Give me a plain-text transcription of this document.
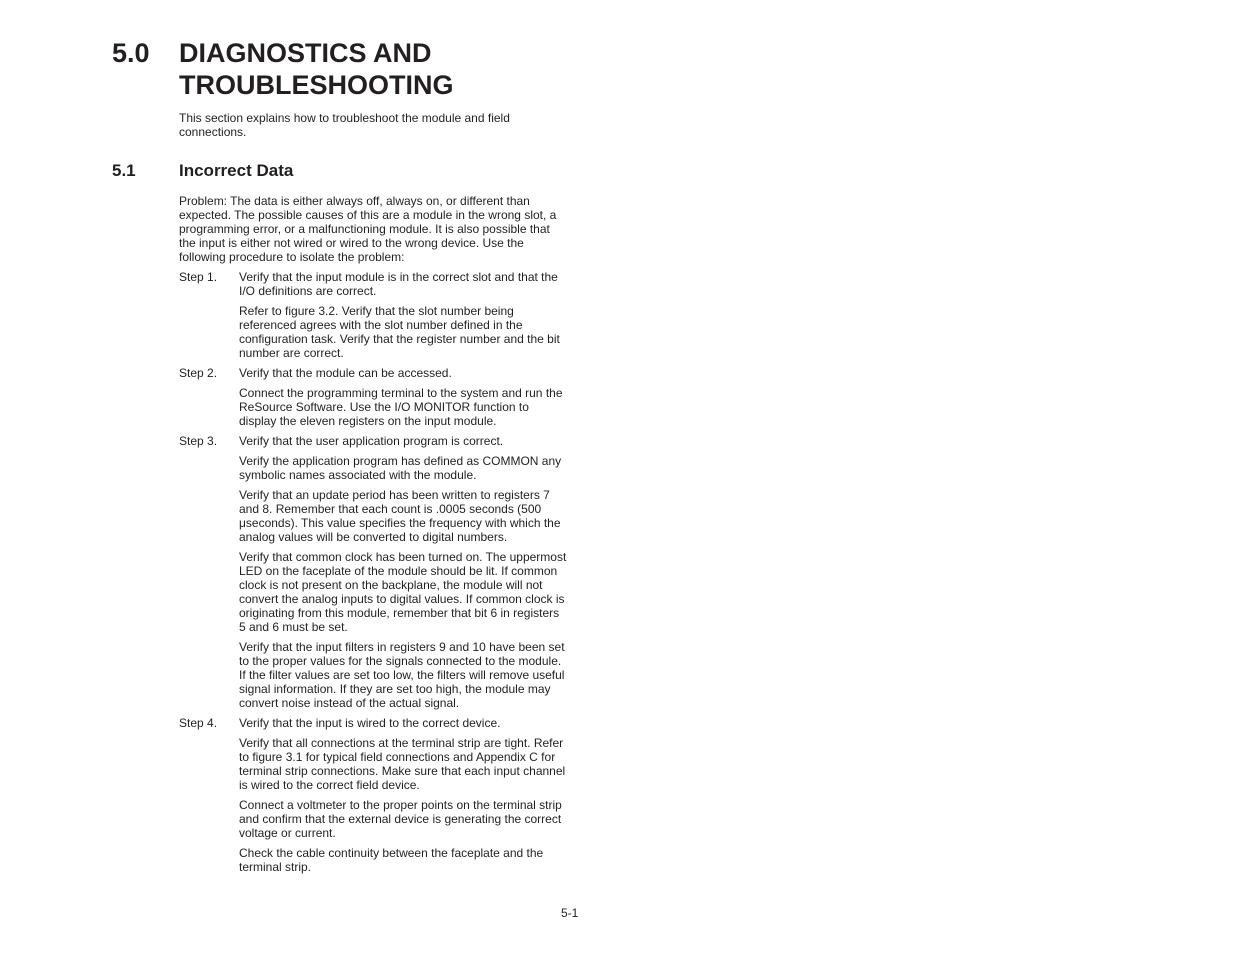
5.0 DIAGNOSTICS AND
TROUBLESHOOTING
This section explains how to troubleshoot the module and field connections.
5.1	Incorrect Data

Problem: The data is either always off, always on, or different than expected. The possible causes of this are a module in the wrong slot, a programming error, or a malfunctioning module. It is also possible that the input is either not wired or wired to the wrong device. Use the following procedure to isolate the problem:

Step 1.	Verify that the input module is in the correct slot and that the I/O definitions are correct.

Refer to figure 3.2. Verify that the slot number being referenced agrees with the slot number defined in the configuration task. Verify that the register number and the bit number are correct.

Step 2.	Verify that the module can be accessed.

Connect the programming terminal to the system and run the ReSource Software. Use the I/O MONITOR function to display the eleven registers on the input module.

Step 3.	Verify that the user application program is correct.

Verify the application program has defined as COMMON any symbolic names associated with the module.

Verify that an update period has been written to registers 7 and 8. Remember that each count is .0005 seconds (500 μseconds). This value specifies the frequency with which the analog values will be converted to digital numbers.

Verify that common clock has been turned on. The uppermost LED on the faceplate of the module should be lit. If common clock is not present on the backplane, the module will not convert the analog inputs to digital values. If common clock is originating from this module, remember that bit 6 in registers 5 and 6 must be set.

Verify that the input filters in registers 9 and 10 have been set to the proper values for the signals connected to the module. If the filter values are set too low, the filters will remove useful signal information. If they are set too high, the module may convert noise instead of the actual signal.

Step 4.	Verify that the input is wired to the correct device.

Verify that all connections at the terminal strip are tight. Refer to figure 3.1 for typical field connections and Appendix C for terminal strip connections. Make sure that each input channel is wired to the correct field device.

Connect a voltmeter to the proper points on the terminal strip and confirm that the external device is generating the correct voltage or current.

Check the cable continuity between the faceplate and the terminal strip.

5-1
